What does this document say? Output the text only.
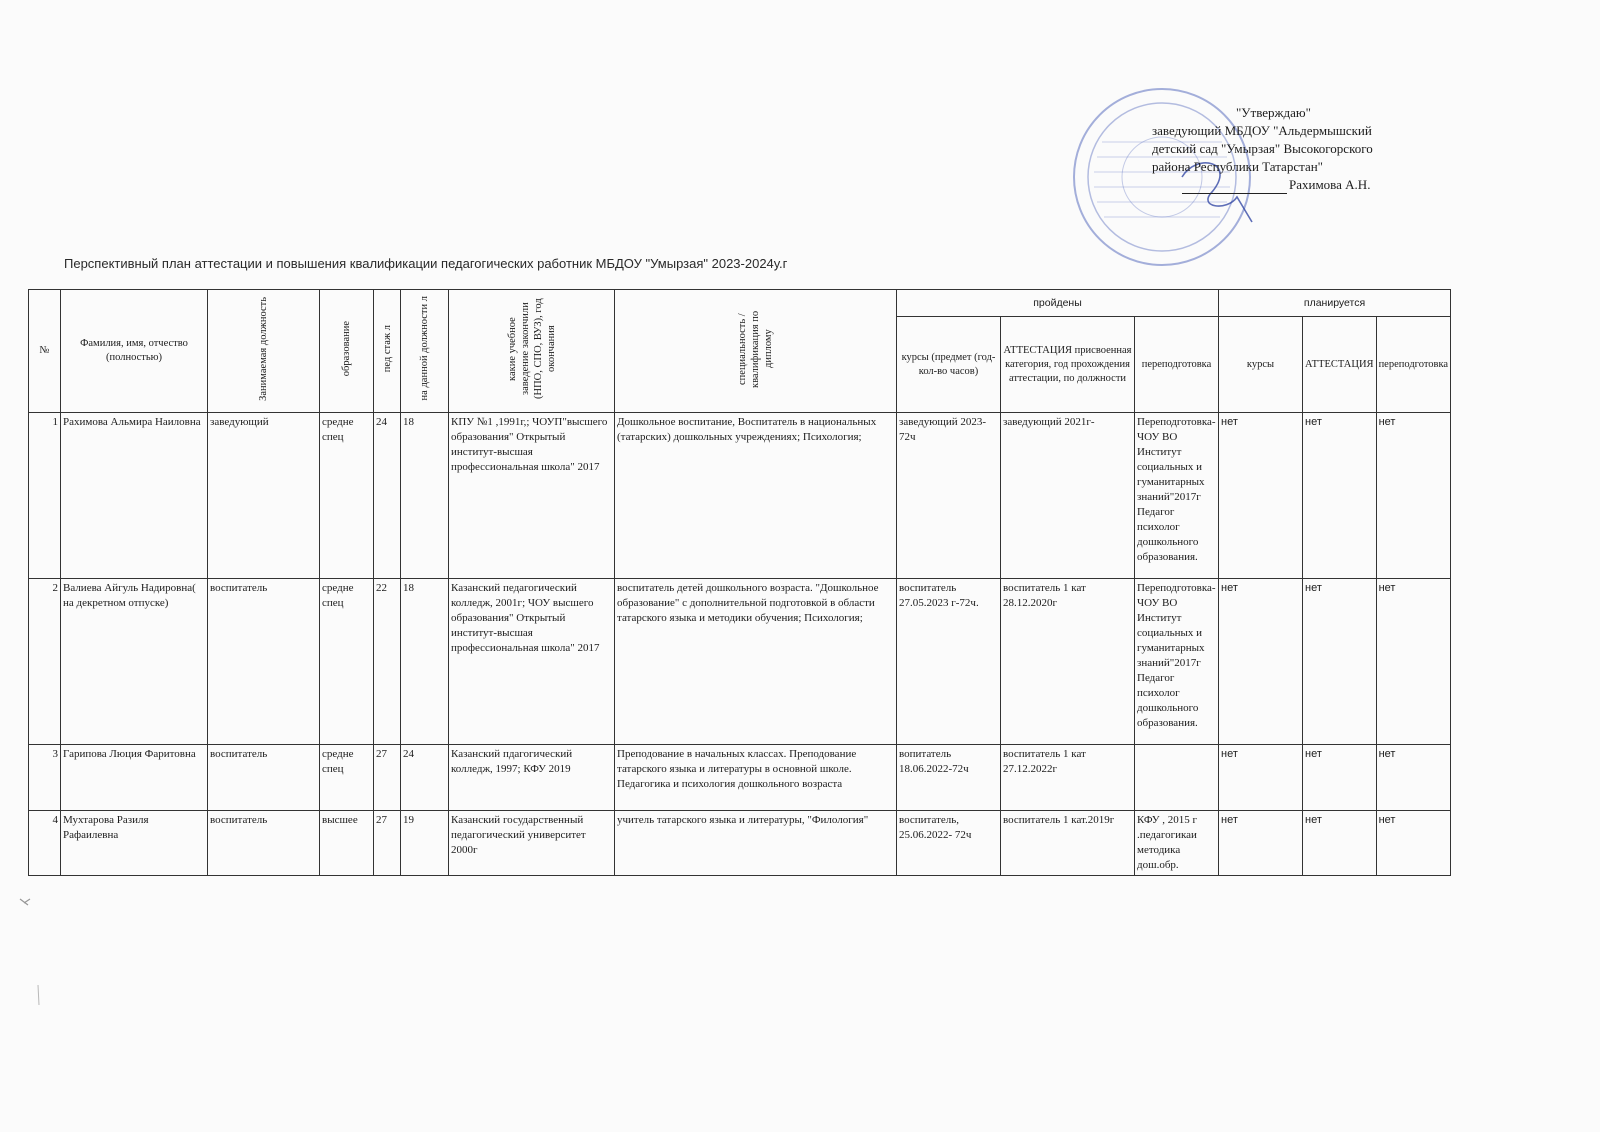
"Утверждаю"
заведующий МБДОУ "Альдермышский
детский сад "Умырзая" Высокогорского
района Республики Татарстан"
Рахимова А.Н.
Перспективный план аттестации и повышения квалификации педагогических работник МБДОУ "Умырзая" 2023-2024у.г
№	Фамилия, имя, отчество (полностью)	Занимаемая должность	образование	пед стаж л	на данной должности л	какие учебное заведение закончили (НПО, СПО, ВУЗ), год окончания	специальность / квалификация по диплому	пройдены			планируется		
								курсы (предмет (год- кол-во часов)	АТТЕСТАЦИЯ присвоенная категория, год прохождения аттестации, по должности	переподготовка	курсы	АТТЕСТАЦИЯ	переподготовка
1	Рахимова Альмира Наиловна	заведующий	средне спец	24	18	КПУ №1 ,1991г,; ЧОУП"высшего образования" Открытый институт-высшая профессиональная школа" 2017	Дошкольное воспитание, Воспитатель в национальных (татарских) дошкольных учреждениях; Психология;	заведующий 2023-72ч	заведующий 2021г-	Переподготовка-ЧОУ ВО Институт социальных и гуманитарных знаний"2017г Педагог психолог дошкольного образования.	нет	нет	нет
2	Валиева Айгуль Надировна( на декретном отпуске)	воспитатель	средне спец	22	18	Казанский педагогический колледж, 2001г; ЧОУ высшего образования" Открытый институт-высшая профессиональная школа" 2017	воспитатель детей дошкольного возраста. "Дошкольное образование" с дополнительной подготовкой в области татарского языка и методики обучения; Психология;	воспитатель 27.05.2023 г-72ч.	воспитатель 1 кат 28.12.2020г	Переподготовка-ЧОУ ВО Институт социальных и гуманитарных знаний"2017г Педагог психолог дошкольного образования.	нет	нет	нет
3	Гарипова Люция Фаритовна	воспитатель	средне спец	27	24	Казанский пдагогический колледж, 1997; КФУ 2019	Преподование в начальных классах. Преподование татарского языка и литературы в основной школе. Педагогика и психология дошкольного возраста	вопитатель 18.06.2022-72ч	воспитатель 1 кат 27.12.2022г		нет	нет	нет
4	Мухтарова Разиля Рафаилевна	воспитатель	высшее	27	19	Казанский государственный педагогический университет 2000г	учитель татарского языка и литературы, "Филология"	воспитатель, 25.06.2022- 72ч	воспитатель 1 кат.2019г	КФУ , 2015 г .педагогикаи методика дош.обр.	нет	нет	нет
